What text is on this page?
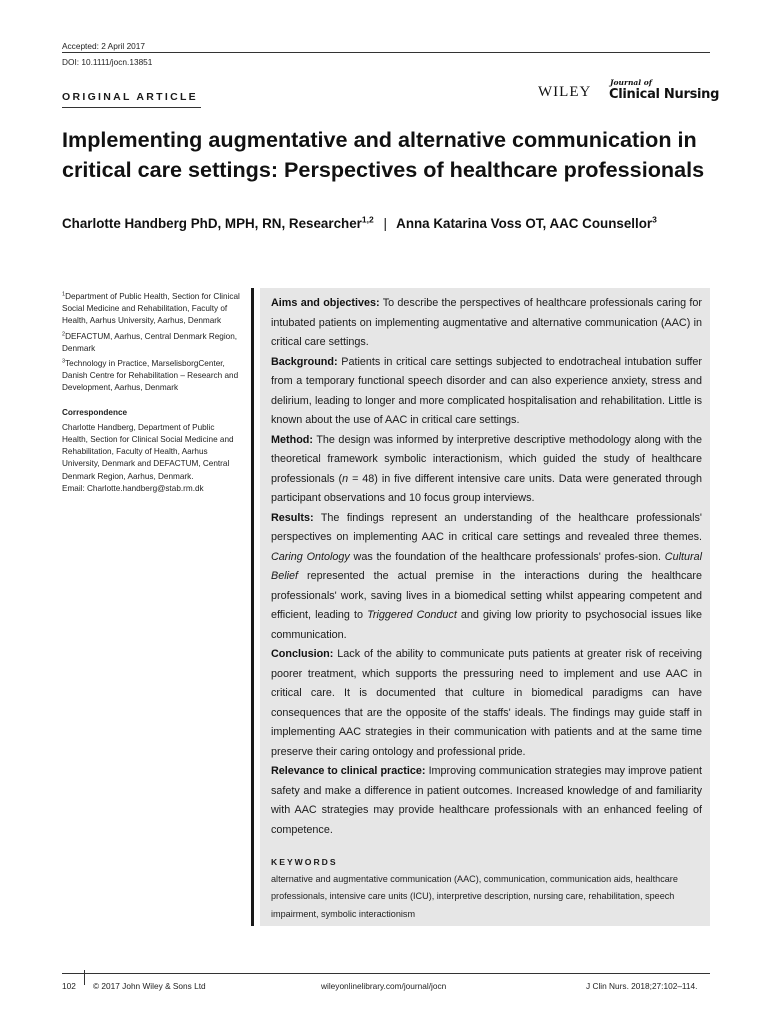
Accepted: 2 April 2017
DOI: 10.1111/jocn.13851
ORIGINAL ARTICLE	WILEY
Journal of
Clinical Nursing
Implementing augmentative and alternative communication in critical care settings: Perspectives of healthcare professionals
Charlotte Handberg PhD, MPH, RN, Researcher$^{1,2}$ | Anna Katarina Voss OT, AAC Counsellor$^3$

$^1$Department of Public Health, Section for Clinical Social Medicine and Rehabilitation, Faculty of Health, Aarhus University, Aarhus, Denmark

$^2$DEFACTUM, Aarhus, Central Denmark Region, Denmark

$^3$Technology in Practice, MarselisborgCenter, Danish Centre for Rehabilitation – Research and Development, Aarhus, Denmark

Correspondence

Charlotte Handberg, Department of Public Health, Section for Clinical Social Medicine and Rehabilitation, Faculty of Health, Aarhus University, Denmark and DEFACTUM, Central Denmark Region, Aarhus, Denmark.

Email: Charlotte.handberg@stab.rm.dk

Aims and objectives: To describe the perspectives of healthcare professionals caring for intubated patients on implementing augmentative and alternative communication (AAC) in critical care settings.

Background: Patients in critical care settings subjected to endotracheal intubation suffer from a temporary functional speech disorder and can also experience anxiety, stress and delirium, leading to longer and more complicated hospitalisation and rehabilitation. Little is known about the use of AAC in critical care settings.

Method: The design was informed by interpretive descriptive methodology along with the theoretical framework symbolic interactionism, which guided the study of healthcare professionals (n = 48) in five different intensive care units. Data were generated through participant observations and 10 focus group interviews.

Results: The findings represent an understanding of the healthcare professionals' perspectives on implementing AAC in critical care settings and revealed three themes. Caring Ontology was the foundation of the healthcare professionals' profes-sion. Cultural Belief represented the actual premise in the interactions during the healthcare professionals' work, saving lives in a biomedical setting whilst appearing competent and efficient, leading to Triggered Conduct and giving low priority to psychosocial issues like communication.

Conclusion: Lack of the ability to communicate puts patients at greater risk of receiving poorer treatment, which supports the pressuring need to implement and use AAC in critical care. It is documented that culture in biomedical paradigms can have consequences that are the opposite of the staffs' ideals. The findings may guide staff in implementing AAC strategies in their communication with patients and at the same time preserve their caring ontology and professional pride.

Relevance to clinical practice: Improving communication strategies may improve patient safety and make a difference in patient outcomes. Increased knowledge of and familiarity with AAC strategies may provide healthcare professionals with an enhanced feeling of competence.

KEYWORDS
alternative and augmentative communication (AAC), communication, communication aids, healthcare professionals, intensive care units (ICU), interpretive description, nursing care, rehabilitation, speech impairment, symbolic interactionism
102 © 2017 John Wiley & Sons Ltd	wileyonlinelibrary.com/journal/jocn	J Clin Nurs. 2018;27:102–114.
